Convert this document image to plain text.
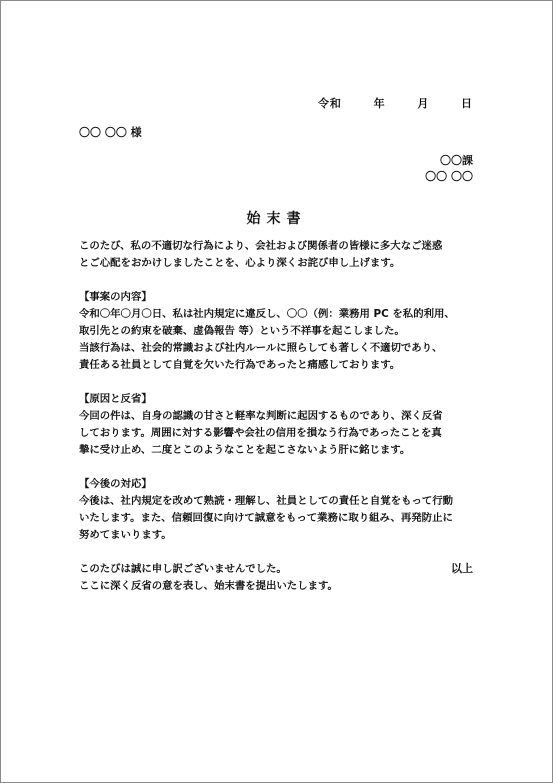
令和	年	月	日
〇〇 〇〇 様
〇〇課
〇〇 〇〇
始末書

このたび、私の不適切な行為により、会社および関係者の皆様に多大なご迷惑

とご心配をおかけしましたことを、心より深くお詫び申し上げます。

【事案の内容】

令和〇年〇月〇日、私は社内規定に違反し、〇〇（例：業務用 PC を私的利用、

取引先との約束を破棄、虚偽報告 等）という不祥事を起こしました。

当該行為は、社会的常識および社内ルールに照らしても著しく不適切であり、

責任ある社員として自覚を欠いた行為であったと痛感しております。

【原因と反省】

今回の件は、自身の認識の甘さと軽率な判断に起因するものであり、深く反省

しております。周囲に対する影響や会社の信用を損なう行為であったことを真

摯に受け止め、二度とこのようなことを起こさないよう肝に銘じます。

【今後の対応】

今後は、社内規定を改めて熟読・理解し、社員としての責任と自覚をもって行動

いたします。また、信頼回復に向けて誠意をもって業務に取り組み、再発防止に

努めてまいります。

このたびは誠に申し訳ございませんでした。

ここに深く反省の意を表し、始末書を提出いたします。

以上
